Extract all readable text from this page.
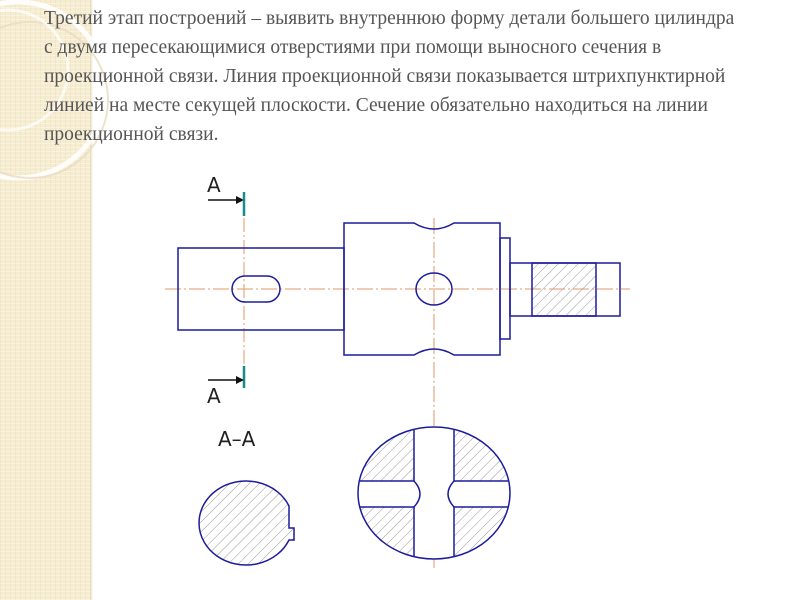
Третий этап построений – выявить внутреннюю форму детали большего цилиндра с двумя пересекающимися отверстиями при помощи выносного сечения в проекционной связи. Линия проекционной связи показывается штрихпунктирной линией на месте секущей плоскости. Сечение обязательно находиться на линии проекционной связи.

А
А
А–А
